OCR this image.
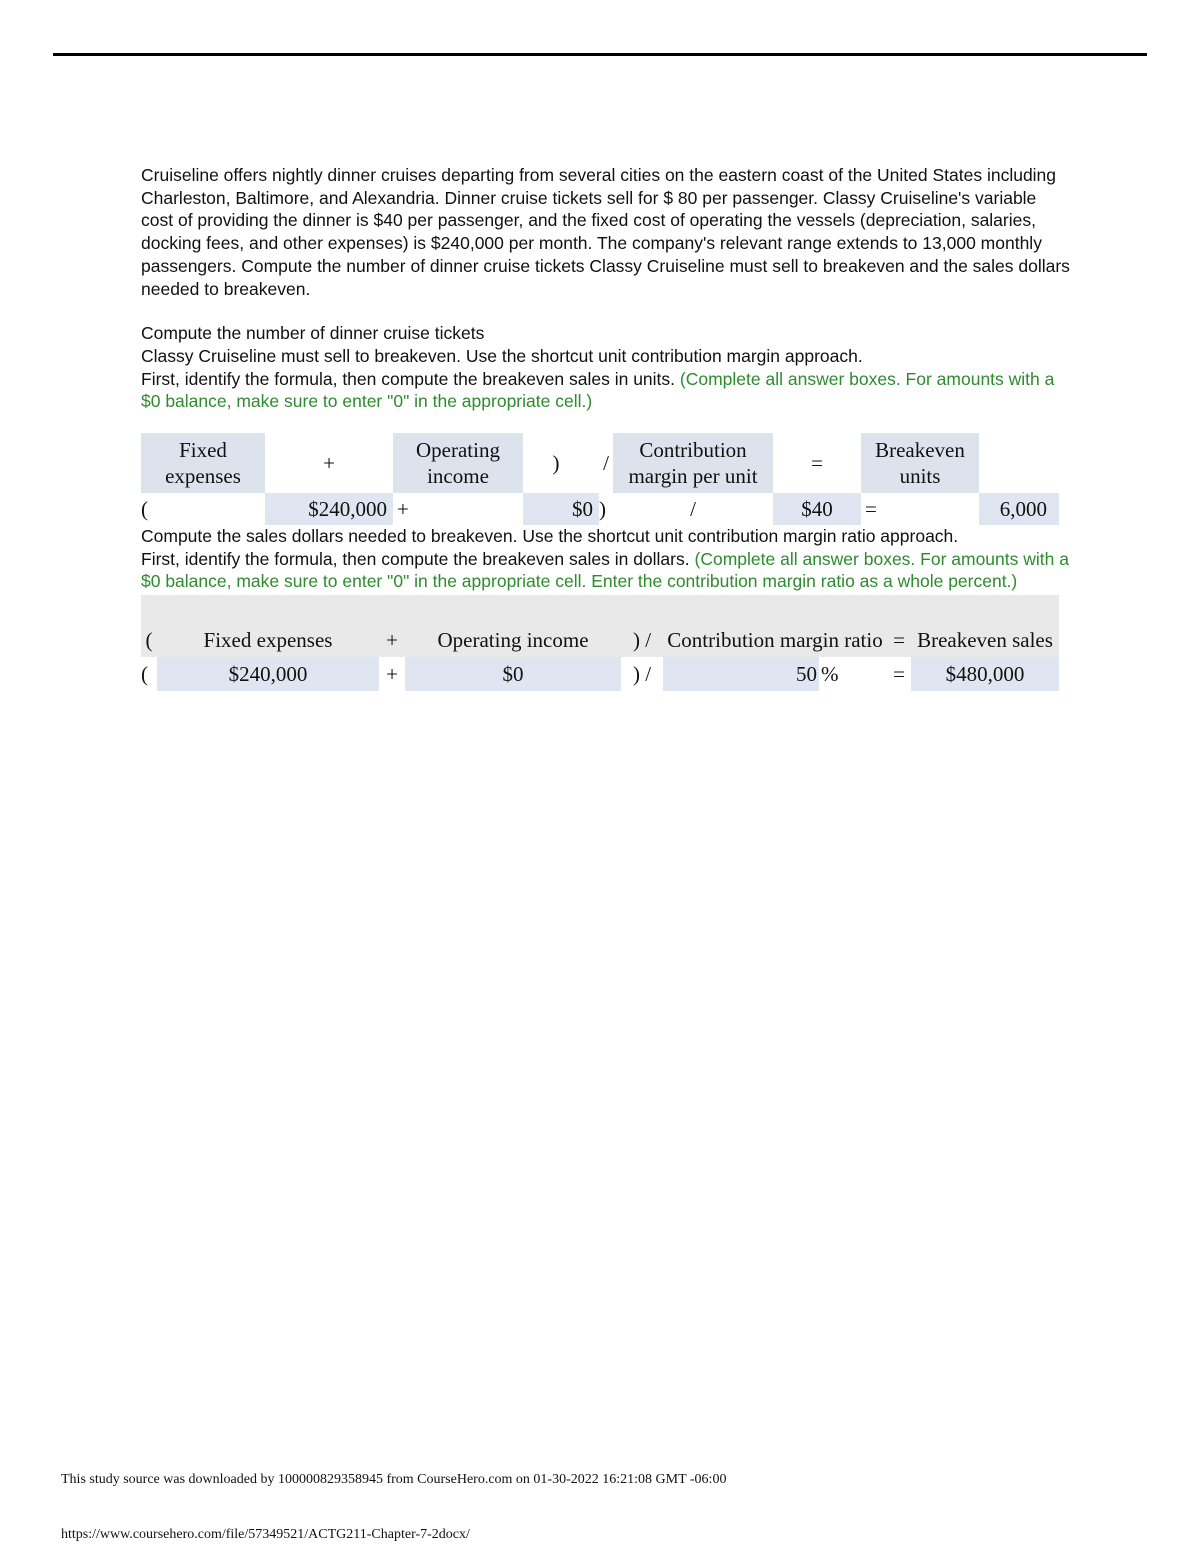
Cruiseline offers nightly dinner cruises departing from several cities on the eastern coast of the United States including Charleston, Baltimore, and Alexandria. Dinner cruise tickets sell for $ 80 per passenger. Classy Cruiseline's variable cost of providing the dinner is $40 per passenger, and the fixed cost of operating the vessels (depreciation, salaries, docking fees, and other expenses) is $240,000 per month. The company's relevant range extends to 13,000 monthly passengers. Compute the number of dinner cruise tickets Classy Cruiseline must sell to breakeven and the sales dollars needed to breakeven.

Compute the number of dinner cruise tickets

Classy Cruiseline must sell to breakeven. Use the shortcut unit contribution margin approach.

First, identify the formula, then compute the breakeven sales in units. (Complete all answer boxes. For amounts with a $0 balance, make sure to enter "0" in the appropriate cell.)

Fixed expenses	+	Operating income	)	/	Contribution margin per unit	=	Breakeven units	
(	$240,000	+	$0	)	/	$40	=	6,000

Compute the sales dollars needed to breakeven. Use the shortcut unit contribution margin ratio approach.

First, identify the formula, then compute the breakeven sales in dollars. (Complete all answer boxes. For amounts with a $0 balance, make sure to enter "0" in the appropriate cell. Enter the contribution margin ratio as a whole percent.)

(	Fixed expenses	+	Operating income	) /	Contribution margin ratio		=	Breakeven sales
(	$240,000	+	$0	) /	50	%	=	$480,000
This study source was downloaded by 100000829358945 from CourseHero.com on 01-30-2022 16:21:08 GMT -06:00
https://www.coursehero.com/file/57349521/ACTG211-Chapter-7-2docx/
